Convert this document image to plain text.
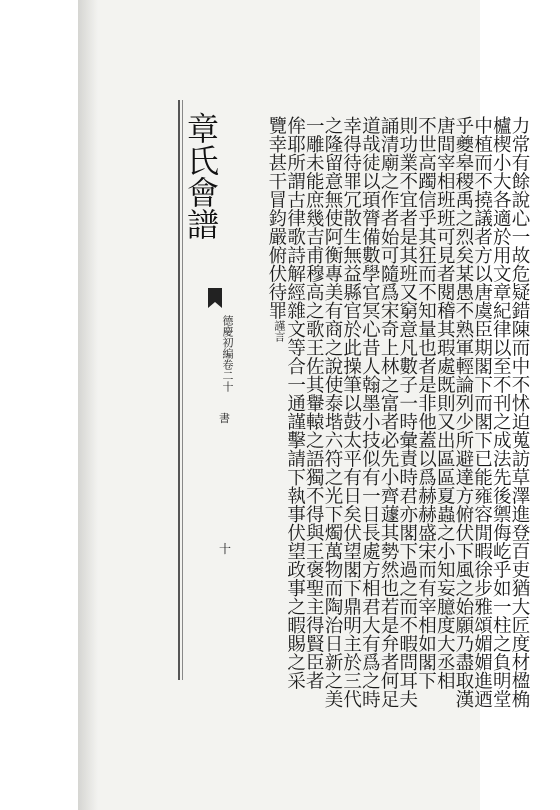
章氏會譜
德慶初編卷二十
書
十	力常有餘說心一故危疑錯陳而中不怵迫蒐訪草澤進登百吏猶大匠度材楹桷
櫨楔小大各適於用文章紀律以至不刊之成法先後禦侮屹乎如一柱之負明堂
中植而不撓議者方以唐虞臣期閣下而閣下已能雍容閒暇徐步雅頌媚媚進迺
乎夔皋稷禹之烈矣某愚不熟軍輕論列少所避達方俯伏下風之始願乃盡取漢
唐間宰相班班可見者閱稽其瑕處既則又出區區夏蟲之小知妄臆度大丞相
不世高躅信乎其狂而不知量也者是非他蓋以爲赫赫盛宋而有宰相如閣下
則功業不宜者是其班又窮意凡數子一時彙責時君亦閣下過之而不暇問耳夫
誦清廟之作者始可隨爲宋奇上林之富者必先小齊蘧其勢然也若是弁者何足
道哉徒以頊膂備數學官冥心昔人翰墨小技似有一日長處方相君大有爲之時
幸得待罪冗散生無益縣官於此操筆以鼓太平有日矣伏望閣下鼎明主於三代
之隆留意無使阿衡專美有商之說使泰堦六符之光下燭萬物而陶治日新之美
一雕未能庶幾吉甫穆高之歌王佐其轝轅之語獨不得與王褒聖主得賢臣者
侔耶所謂古律歌詩解經雜文等合一通謹擊請下執事伏望政事之暇賜之采
覽幸甚干冒鈞嚴俯伏待罪謹言
